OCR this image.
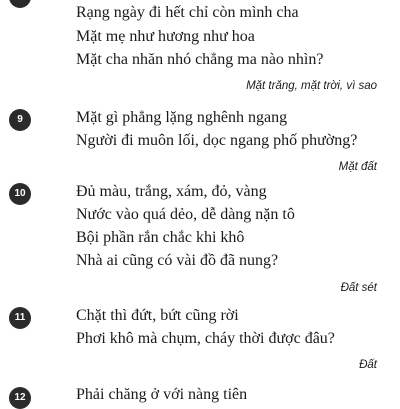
Rạng ngày đi hết chỉ còn mình cha
Mặt mẹ như hương như hoa
Mặt cha nhăn nhó chẳng ma nào nhìn?
Mặt trăng, mặt trời, vì sao
9	Mặt gì phẳng lặng nghênh ngang
Người đi muôn lối, dọc ngang phố phường?
Mặt đất
10	Đủ màu, trắng, xám, đỏ, vàng
Nước vào quá dẻo, dễ dàng nặn tô
Bội phần rắn chắc khi khô
Nhà ai cũng có vài đồ đã nung?
Đất sét
11	Chặt thì đứt, bứt cũng rời
Phơi khô mà chụm, cháy thời được đâu?
Đất
12	Phải chăng ở với nàng tiên
